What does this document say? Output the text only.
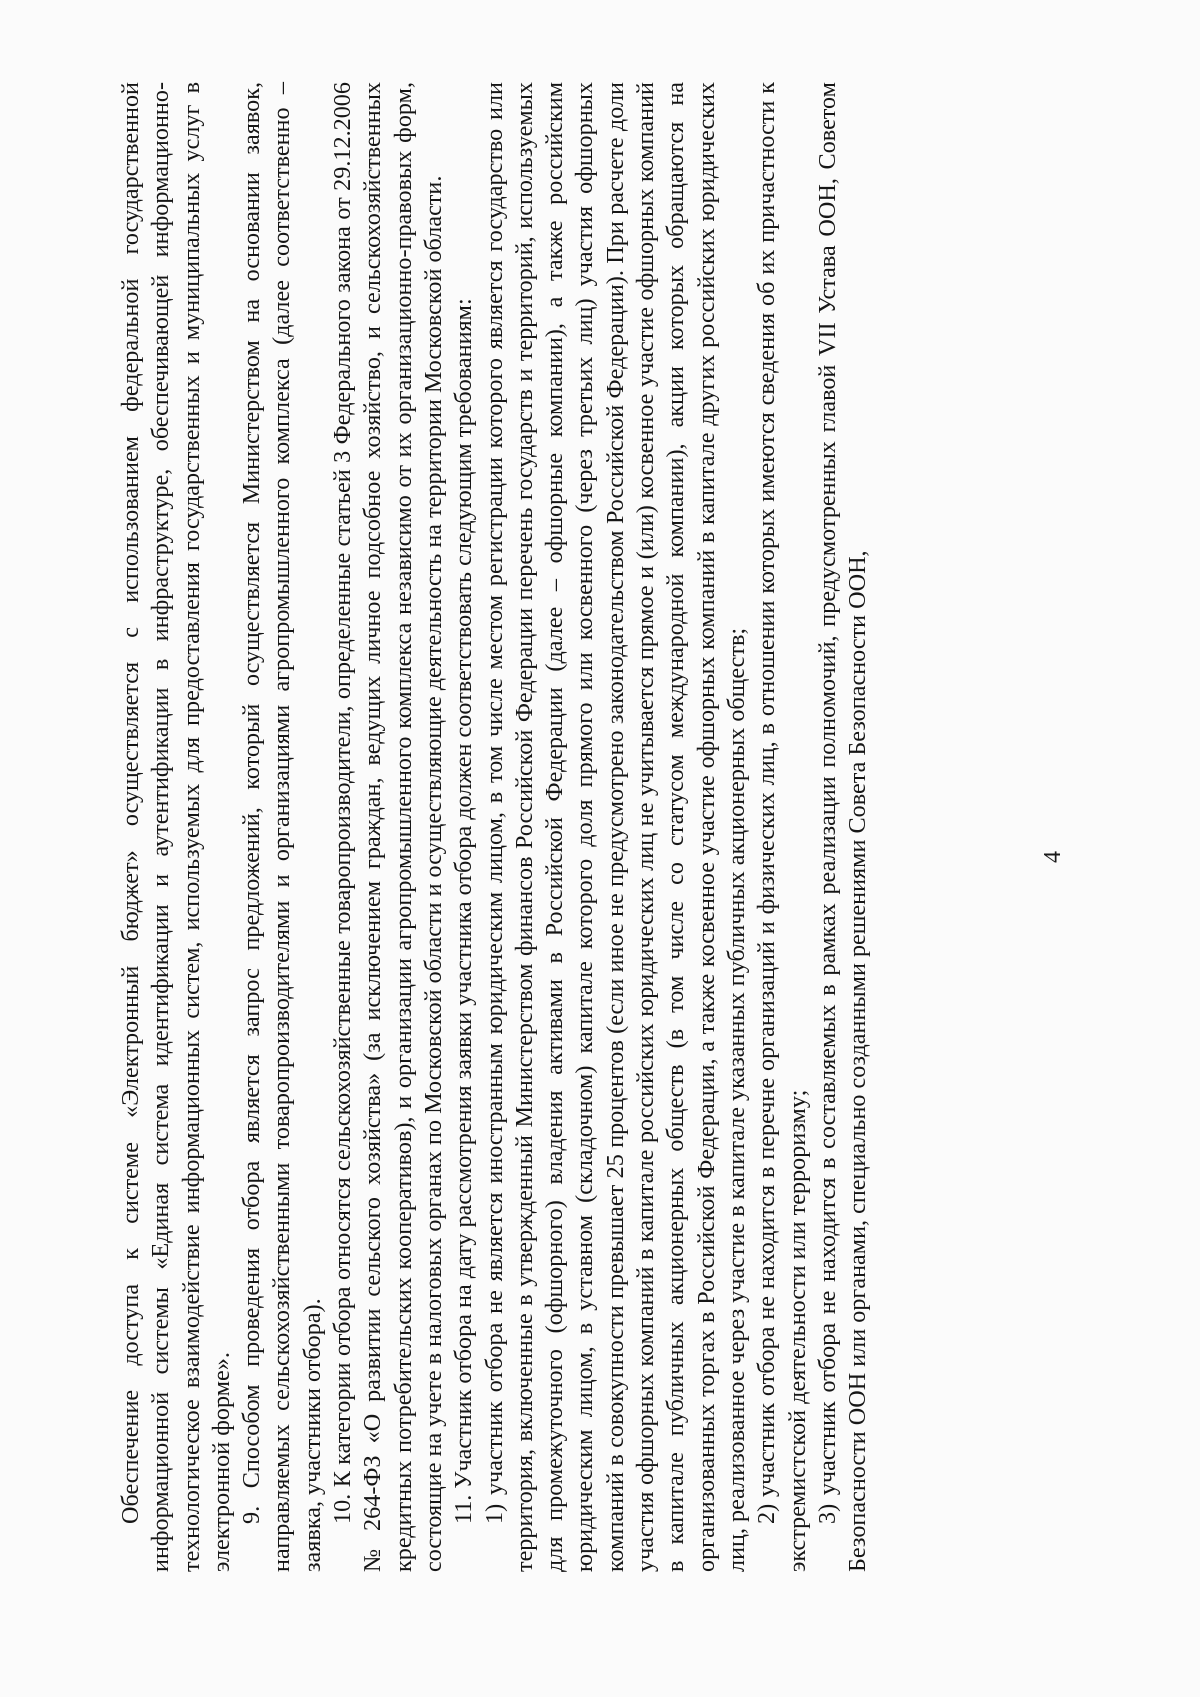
4

Обеспечение доступа к системе «Электронный бюджет» осуществляется с использованием федеральной государственной информационной системы «Единая система идентификации и аутентификации в инфраструктуре, обеспечивающей информационно-технологическое взаимодействие информационных систем, используемых для предоставления государственных и муниципальных услуг в электронной форме». 9. Способом проведения отбора является запрос предложений, который осуществляется Министерством на основании заявок, направляемых сельскохозяйственными товаропроизводителями и организациями агропромышленного комплекса (далее соответственно – заявка, участники отбора). 10. К категории отбора относятся сельскохозяйственные товаропроизводители, определенные статьей 3 Федерального закона от 29.12.2006 № 264-ФЗ «О развитии сельского хозяйства» (за исключением граждан, ведущих личное подсобное хозяйство, и сельскохозяйственных кредитных потребительских кооперативов), и организации агропромышленного комплекса независимо от их организационно-правовых форм, состоящие на учете в налоговых органах по Московской области и осуществляющие деятельность на территории Московской области. 11. Участник отбора на дату рассмотрения заявки участника отбора должен соответствовать следующим требованиям: 1) участник отбора не является иностранным юридическим лицом, в том числе местом регистрации которого является государство или территория, включенные в утвержденный Министерством финансов Российской Федерации перечень государств и территорий, используемых для промежуточного (офшорного) владения активами в Российской Федерации (далее – офшорные компании), а также российским юридическим лицом, в уставном (складочном) капитале которого доля прямого или косвенного (через третьих лиц) участия офшорных компаний в совокупности превышает 25 процентов (если иное не предусмотрено законодательством Российской Федерации). При расчете доли участия офшорных компаний в капитале российских юридических лиц не учитывается прямое и (или) косвенное участие офшорных компаний в капитале публичных акционерных обществ (в том числе со статусом международной компании), акции которых обращаются на организованных торгах в Российской Федерации, а также косвенное участие офшорных компаний в капитале других российских юридических лиц, реализованное через участие в капитале указанных публичных акционерных обществ; 2) участник отбора не находится в перечне организаций и физических лиц, в отношении которых имеются сведения об их причастности к экстремистской деятельности или терроризму; 3) участник отбора не находится в составляемых в рамках реализации полномочий, предусмотренных главой VII Устава ООН, Советом Безопасности ООН или органами, специально созданными решениями Совета Безопасности ООН,
